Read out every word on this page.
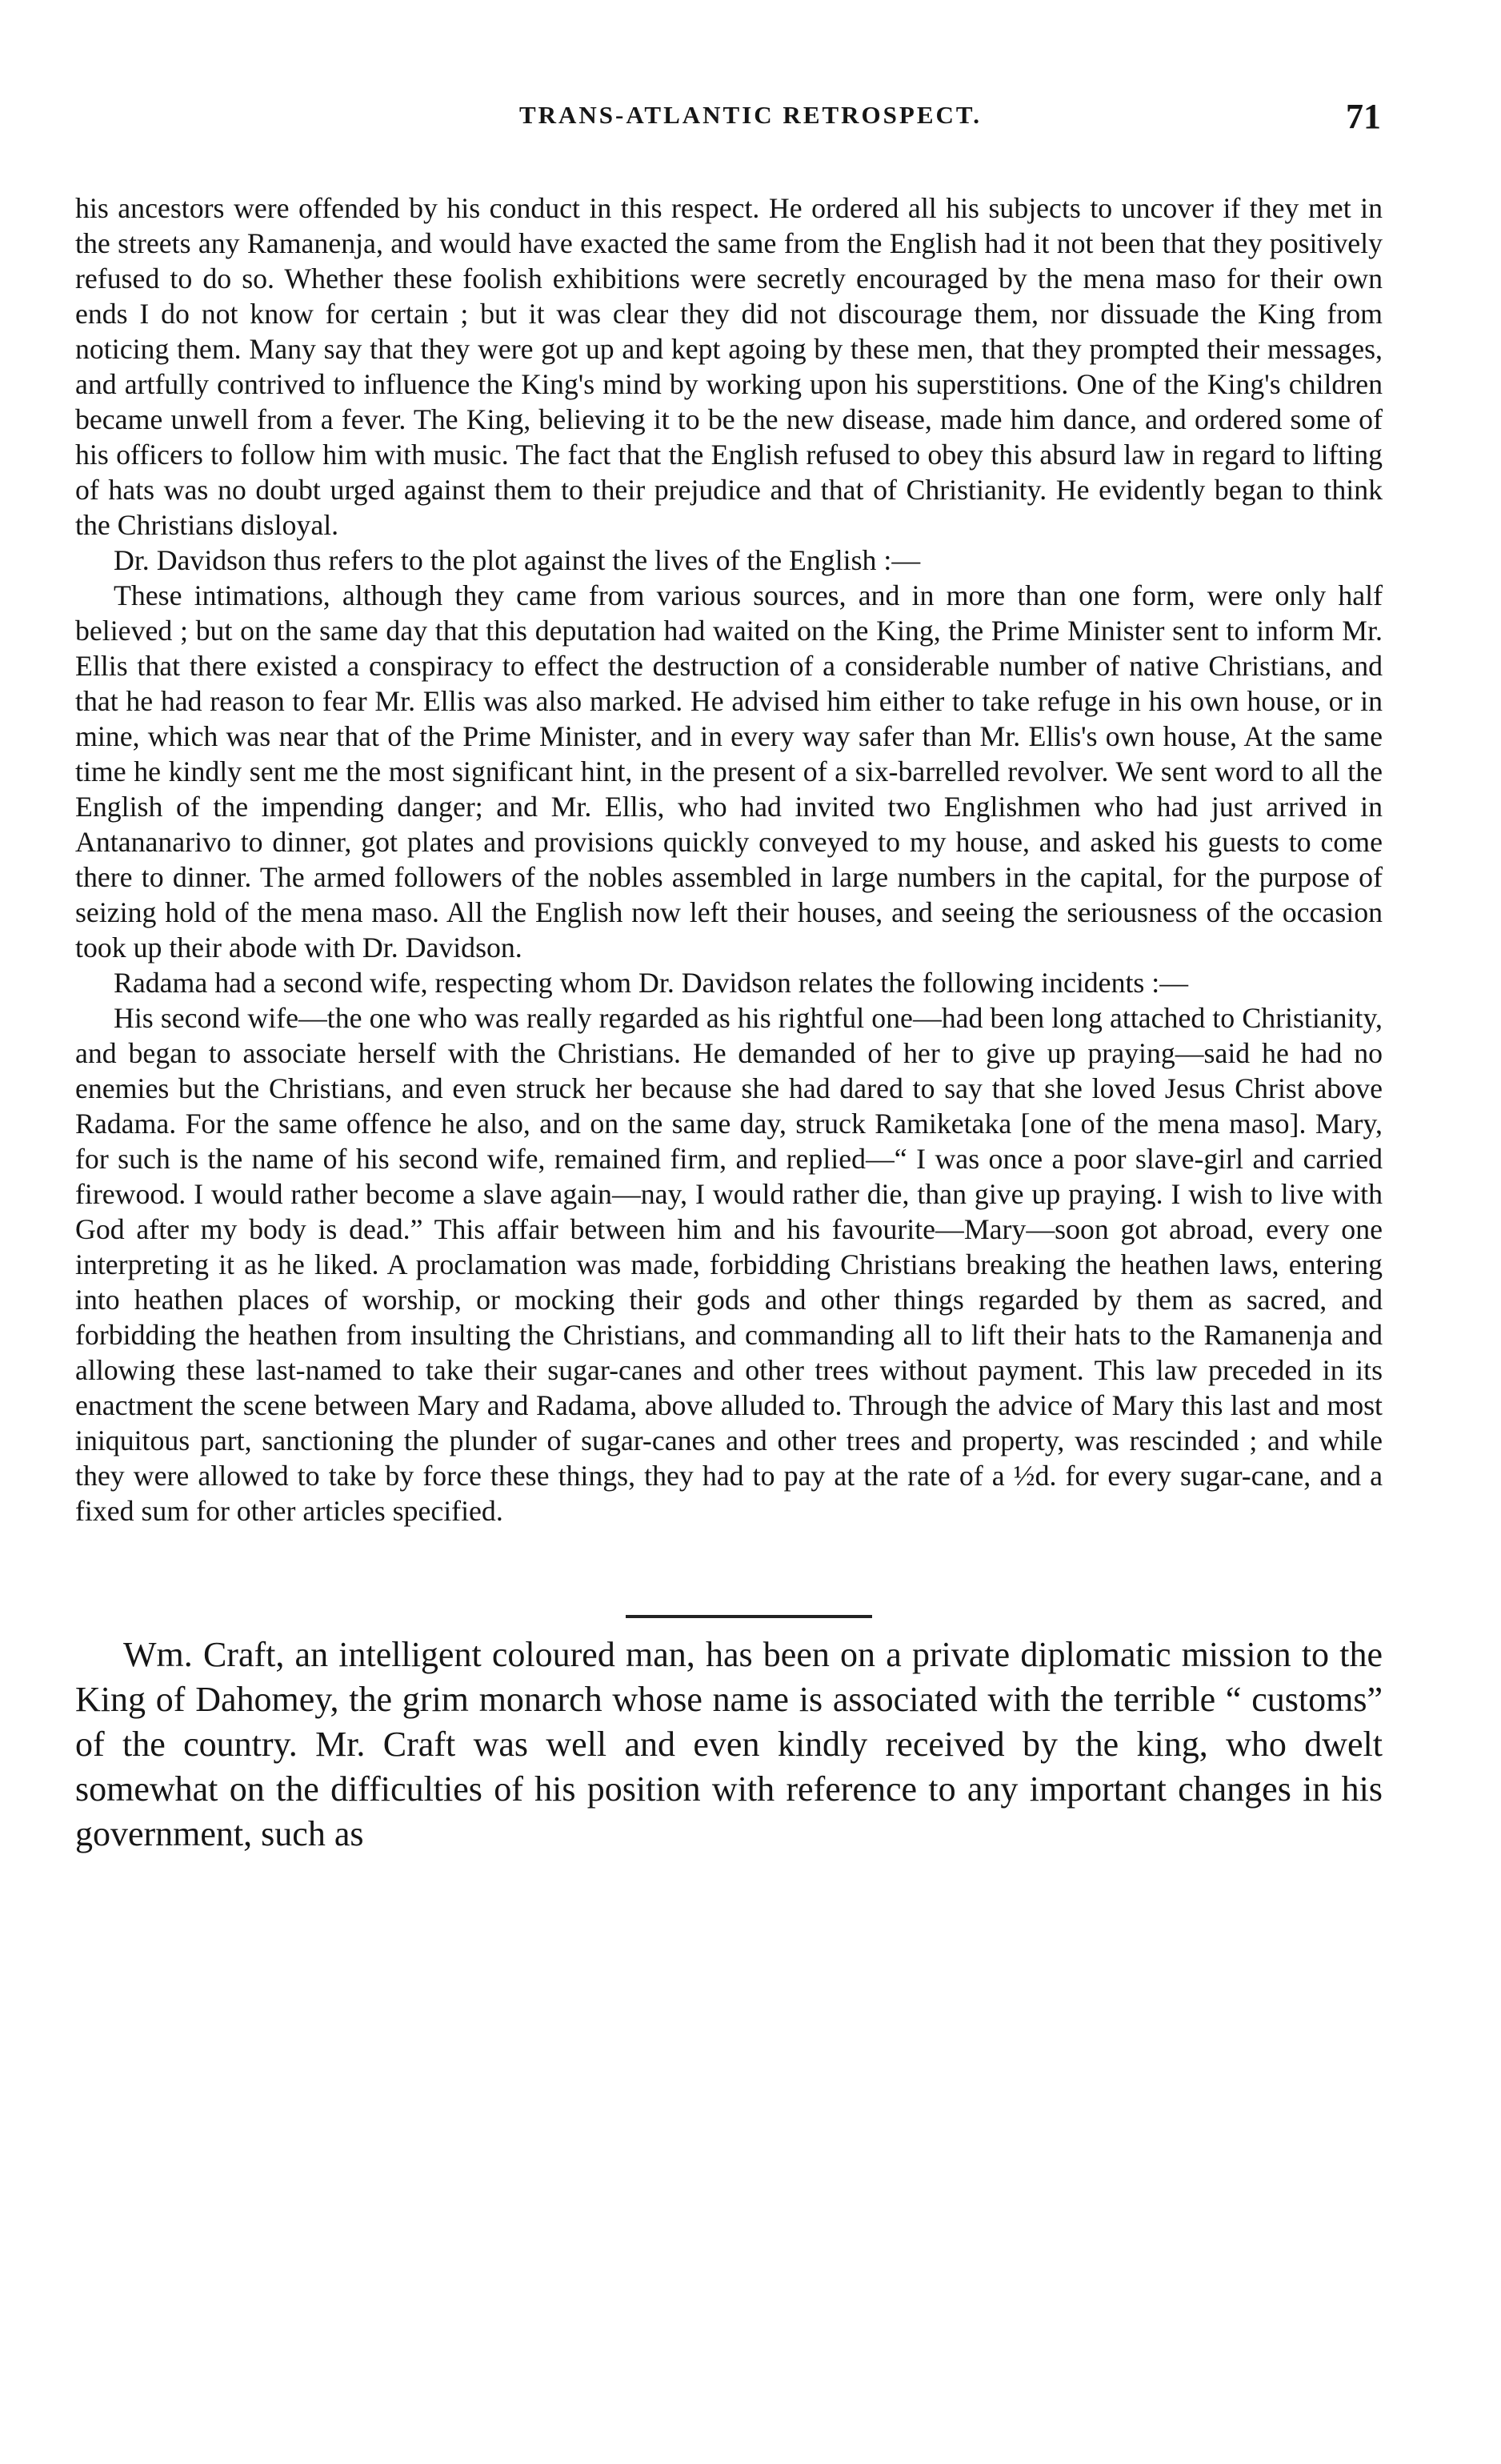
TRANS-ATLANTIC RETROSPECT.	71

his ancestors were offended by his conduct in this respect. He ordered all his subjects to uncover if they met in the streets any Ramanenja, and would have exacted the same from the English had it not been that they positively refused to do so. Whether these foolish exhibitions were secretly encouraged by the mena maso for their own ends I do not know for certain ; but it was clear they did not discourage them, nor dissuade the King from noticing them. Many say that they were got up and kept agoing by these men, that they prompted their messages, and artfully contrived to influence the King's mind by working upon his superstitions. One of the King's children became unwell from a fever. The King, believing it to be the new disease, made him dance, and ordered some of his officers to follow him with music. The fact that the English refused to obey this absurd law in regard to lifting of hats was no doubt urged against them to their prejudice and that of Christianity. He evidently began to think the Christians disloyal.

Dr. Davidson thus refers to the plot against the lives of the English :—

These intimations, although they came from various sources, and in more than one form, were only half believed ; but on the same day that this deputation had waited on the King, the Prime Minister sent to inform Mr. Ellis that there existed a conspiracy to effect the destruction of a considerable number of native Christians, and that he had reason to fear Mr. Ellis was also marked. He advised him either to take refuge in his own house, or in mine, which was near that of the Prime Minister, and in every way safer than Mr. Ellis's own house, At the same time he kindly sent me the most significant hint, in the present of a six-barrelled revolver. We sent word to all the English of the impending danger; and Mr. Ellis, who had invited two Englishmen who had just arrived in Antananarivo to dinner, got plates and provisions quickly conveyed to my house, and asked his guests to come there to dinner. The armed followers of the nobles assembled in large numbers in the capital, for the purpose of seizing hold of the mena maso. All the English now left their houses, and seeing the seriousness of the occasion took up their abode with Dr. Davidson.

Radama had a second wife, respecting whom Dr. Davidson relates the following incidents :—

His second wife—the one who was really regarded as his rightful one—had been long attached to Christianity, and began to associate herself with the Christians. He demanded of her to give up praying—said he had no enemies but the Christians, and even struck her because she had dared to say that she loved Jesus Christ above Radama. For the same offence he also, and on the same day, struck Ramiketaka [one of the mena maso]. Mary, for such is the name of his second wife, remained firm, and replied—“ I was once a poor slave-girl and carried firewood. I would rather become a slave again—nay, I would rather die, than give up praying. I wish to live with God after my body is dead.” This affair between him and his favourite—Mary—soon got abroad, every one interpreting it as he liked. A proclamation was made, forbidding Christians breaking the heathen laws, entering into heathen places of worship, or mocking their gods and other things regarded by them as sacred, and forbidding the heathen from insulting the Christians, and commanding all to lift their hats to the Ramanenja and allowing these last-named to take their sugar-canes and other trees without payment. This law preceded in its enactment the scene between Mary and Radama, above alluded to. Through the advice of Mary this last and most iniquitous part, sanctioning the plunder of sugar-canes and other trees and property, was rescinded ; and while they were allowed to take by force these things, they had to pay at the rate of a ½d. for every sugar-cane, and a fixed sum for other articles specified.

Wm. Craft, an intelligent coloured man, has been on a private diplomatic mission to the King of Dahomey, the grim monarch whose name is associated with the terrible “ customs” of the country. Mr. Craft was well and even kindly received by the king, who dwelt somewhat on the difficulties of his position with reference to any important changes in his government, such as
